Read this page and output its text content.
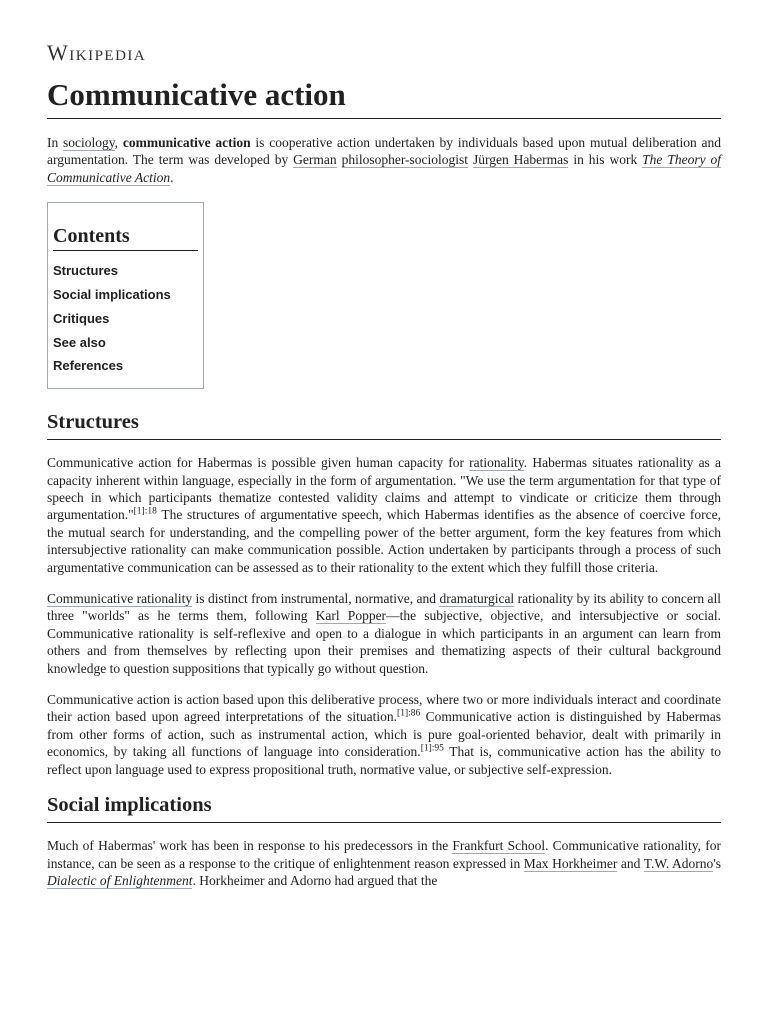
Wikipedia
Communicative action

In sociology, communicative action is cooperative action undertaken by individuals based upon mutual deliberation and argumentation. The term was developed by German philosopher-sociologist Jürgen Habermas in his work The Theory of Communicative Action.

Contents
Structures
Social implications
Critiques
See also
References
Structures

Communicative action for Habermas is possible given human capacity for rationality. Habermas situates rationality as a capacity inherent within language, especially in the form of argumentation. "We use the term argumentation for that type of speech in which participants thematize contested validity claims and attempt to vindicate or criticize them through argumentation."$^{[1]:18}$ The structures of argumentative speech, which Habermas identifies as the absence of coercive force, the mutual search for understanding, and the compelling power of the better argument, form the key features from which intersubjective rationality can make communication possible. Action undertaken by participants through a process of such argumentative communication can be assessed as to their rationality to the extent which they fulfill those criteria.

Communicative rationality is distinct from instrumental, normative, and dramaturgical rationality by its ability to concern all three "worlds" as he terms them, following Karl Popper—the subjective, objective, and intersubjective or social. Communicative rationality is self-reflexive and open to a dialogue in which participants in an argument can learn from others and from themselves by reflecting upon their premises and thematizing aspects of their cultural background knowledge to question suppositions that typically go without question.

Communicative action is action based upon this deliberative process, where two or more individuals interact and coordinate their action based upon agreed interpretations of the situation.$^{[1]:86}$ Communicative action is distinguished by Habermas from other forms of action, such as instrumental action, which is pure goal-oriented behavior, dealt with primarily in economics, by taking all functions of language into consideration.$^{[1]:95}$ That is, communicative action has the ability to reflect upon language used to express propositional truth, normative value, or subjective self-expression.

Social implications

Much of Habermas' work has been in response to his predecessors in the Frankfurt School. Communicative rationality, for instance, can be seen as a response to the critique of enlightenment reason expressed in Max Horkheimer and T.W. Adorno's Dialectic of Enlightenment. Horkheimer and Adorno had argued that the
